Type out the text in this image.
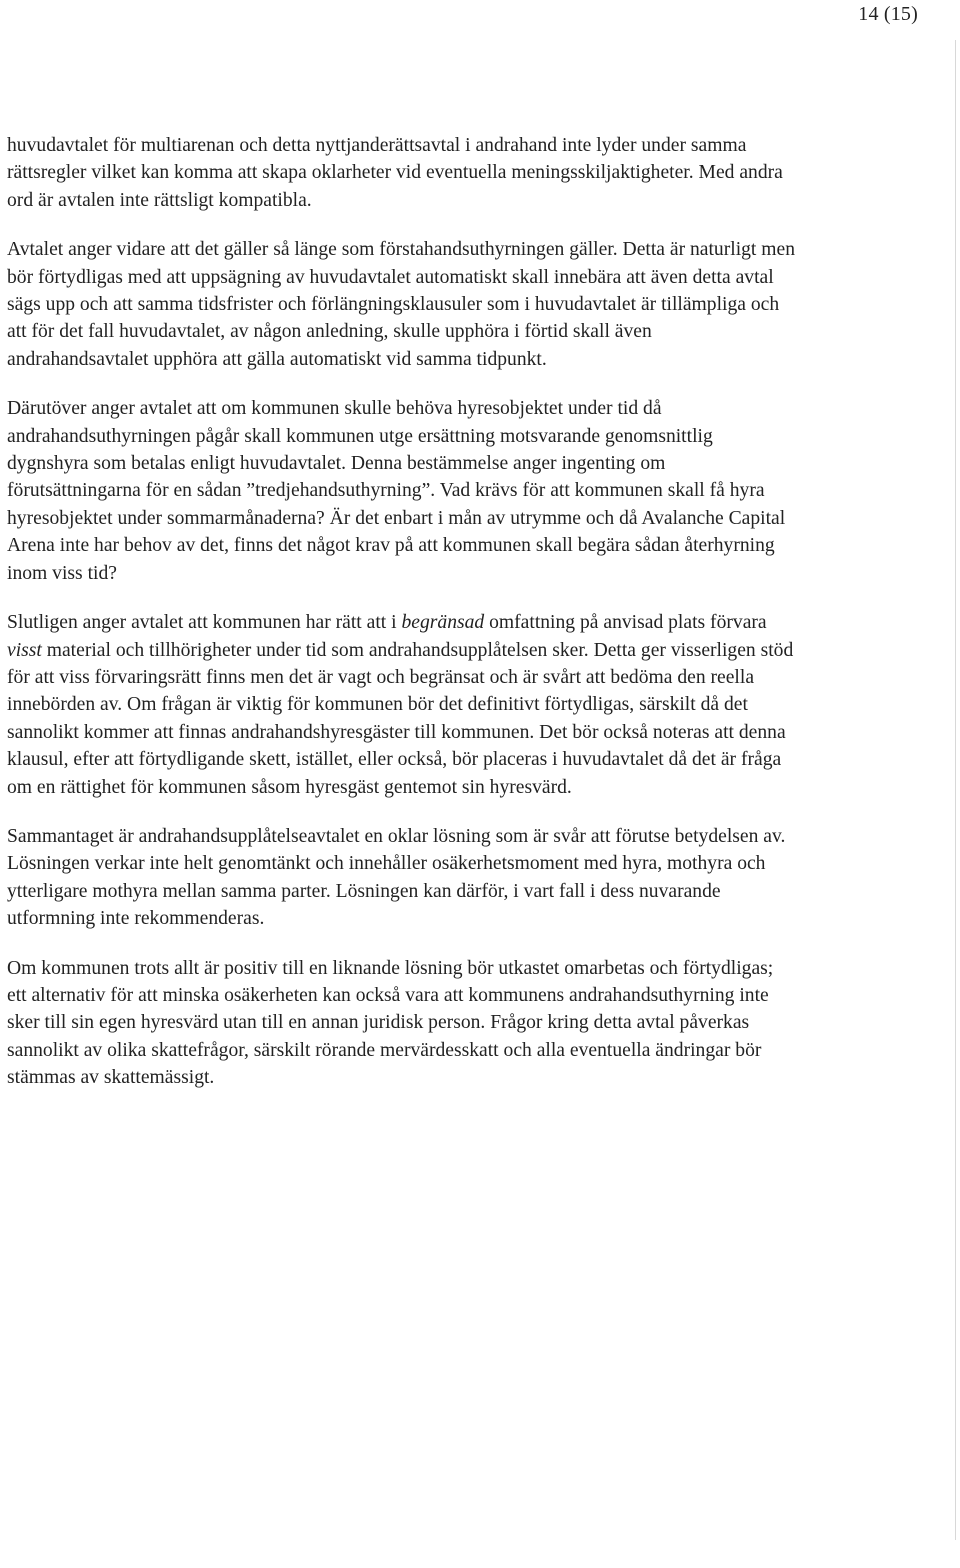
14 (15)

huvudavtalet för multiarenan och detta nyttjanderättsavtal i andrahand inte lyder under samma rättsregler vilket kan komma att skapa oklarheter vid eventuella meningsskiljaktigheter. Med andra ord är avtalen inte rättsligt kompatibla.

Avtalet anger vidare att det gäller så länge som förstahandsuthyrningen gäller. Detta är naturligt men bör förtydligas med att uppsägning av huvudavtalet automatiskt skall innebära att även detta avtal sägs upp och att samma tidsfrister och förlängningsklausuler som i huvudavtalet är tillämpliga och att för det fall huvudavtalet, av någon anledning, skulle upphöra i förtid skall även andrahandsavtalet upphöra att gälla automatiskt vid samma tidpunkt.

Därutöver anger avtalet att om kommunen skulle behöva hyresobjektet under tid då andrahandsuthyrningen pågår skall kommunen utge ersättning motsvarande genomsnittlig dygnshyra som betalas enligt huvudavtalet. Denna bestämmelse anger ingenting om förutsättningarna för en sådan ”tredjehandsuthyrning”. Vad krävs för att kommunen skall få hyra hyresobjektet under sommarmånaderna? Är det enbart i mån av utrymme och då Avalanche Capital Arena inte har behov av det, finns det något krav på att kommunen skall begära sådan återhyrning inom viss tid?

Slutligen anger avtalet att kommunen har rätt att i begränsad omfattning på anvisad plats förvara visst material och tillhörigheter under tid som andrahandsupplåtelsen sker. Detta ger visserligen stöd för att viss förvaringsrätt finns men det är vagt och begränsat och är svårt att bedöma den reella innebörden av. Om frågan är viktig för kommunen bör det definitivt förtydligas, särskilt då det sannolikt kommer att finnas andrahandshyresgäster till kommunen. Det bör också noteras att denna klausul, efter att förtydligande skett, istället, eller också, bör placeras i huvudavtalet då det är fråga om en rättighet för kommunen såsom hyresgäst gentemot sin hyresvärd.

Sammantaget är andrahandsupplåtelseavtalet en oklar lösning som är svår att förutse betydelsen av. Lösningen verkar inte helt genomtänkt och innehåller osäkerhetsmoment med hyra, mothyra och ytterligare mothyra mellan samma parter. Lösningen kan därför, i vart fall i dess nuvarande utformning inte rekommenderas.

Om kommunen trots allt är positiv till en liknande lösning bör utkastet omarbetas och förtydligas; ett alternativ för att minska osäkerheten kan också vara att kommunens andrahandsuthyrning inte sker till sin egen hyresvärd utan till en annan juridisk person. Frågor kring detta avtal påverkas sannolikt av olika skattefrågor, särskilt rörande mervärdesskatt och alla eventuella ändringar bör stämmas av skattemässigt.
